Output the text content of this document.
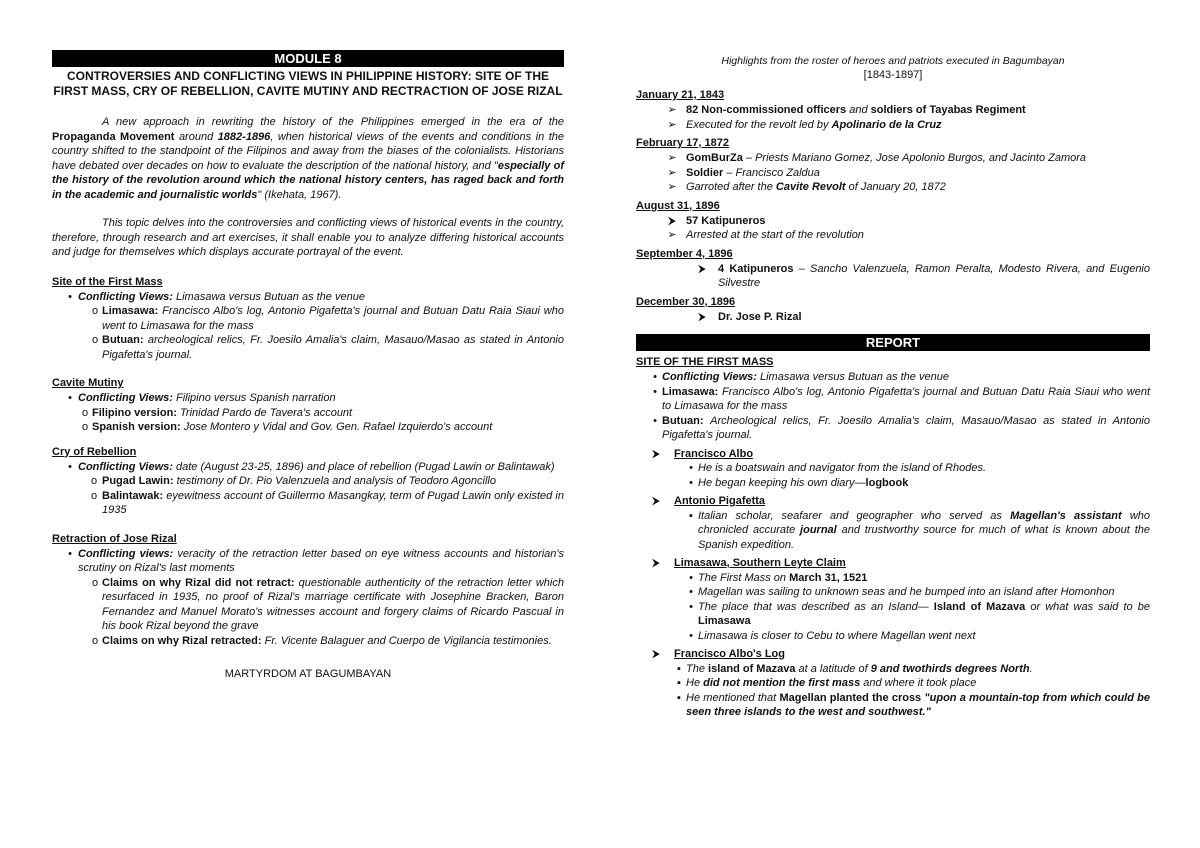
MODULE 8
CONTROVERSIES AND CONFLICTING VIEWS IN PHILIPPINE HISTORY: SITE OF THE FIRST MASS, CRY OF REBELLION, CAVITE MUTINY AND RECTRACTION OF JOSE RIZAL

A new approach in rewriting the history of the Philippines emerged in the era of the Propaganda Movement around 1882-1896, when historical views of the events and conditions in the country shifted to the standpoint of the Filipinos and away from the biases of the colonialists. Historians have debated over decades on how to evaluate the description of the national history, and "especially of the history of the revolution around which the national history centers, has raged back and forth in the academic and journalistic worlds" (Ikehata, 1967).

This topic delves into the controversies and conflicting views of historical events in the country, therefore, through research and art exercises, it shall enable you to analyze differing historical accounts and judge for themselves which displays accurate portrayal of the event.

Site of the First Mass
• Conflicting Views: Limasawa versus Butuan as the venue
o Limasawa: Francisco Albo's log, Antonio Pigafetta's journal and Butuan Datu Raia Siaui who went to Limasawa for the mass
o Butuan: archeological relics, Fr. Joesilo Amalia's claim, Masauo/Masao as stated in Antonio Pigafetta's journal.
Cavite Mutiny
• Conflicting Views: Filipino versus Spanish narration
o Filipino version: Trinidad Pardo de Tavera's account
o Spanish version: Jose Montero y Vidal and Gov. Gen. Rafael Izquierdo's account
Cry of Rebellion
• Conflicting Views: date (August 23-25, 1896) and place of rebellion (Pugad Lawin or Balintawak)
o Pugad Lawin: testimony of Dr. Pio Valenzuela and analysis of Teodoro Agoncillo
o Balintawak: eyewitness account of Guillermo Masangkay, term of Pugad Lawin only existed in 1935
Retraction of Jose Rizal
• Conflicting views: veracity of the retraction letter based on eye witness accounts and historian's scrutiny on Rizal's last moments
o Claims on why Rizal did not retract: questionable authenticity of the retraction letter which resurfaced in 1935, no proof of Rizal's marriage certificate with Josephine Bracken, Baron Fernandez and Manuel Morato's witnesses account and forgery claims of Ricardo Pascual in his book Rizal beyond the grave
o Claims on why Rizal retracted: Fr. Vicente Balaguer and Cuerpo de Vigilancia testimonies.
MARTYRDOM AT BAGUMBAYAN
Highlights from the roster of heroes and patriots executed in Bagumbayan
[1843-1897]
January 21, 1843
➢ 82 Non-commissioned officers and soldiers of Tayabas Regiment
➢ Executed for the revolt led by Apolinario de la Cruz
February 17, 1872
➢ GomBurZa – Priests Mariano Gomez, Jose Apolonio Burgos, and Jacinto Zamora
➢ Soldier – Francisco Zaldua
➢ Garroted after the Cavite Revolt of January 20, 1872
August 31, 1896
⮞ 57 Katipuneros
➢ Arrested at the start of the revolution
September 4, 1896
⮞	4 Katipuneros – Sancho Valenzuela, Ramon Peralta, Modesto Rivera, and Eugenio Silvestre
December 30, 1896
⮞	Dr. Jose P. Rizal
REPORT
SITE OF THE FIRST MASS
• Conflicting Views: Limasawa versus Butuan as the venue
• Limasawa: Francisco Albo's log, Antonio Pigafetta's journal and Butuan Datu Raia Siaui who went to Limasawa for the mass
• Butuan: Archeological relics, Fr. Joesilo Amalia's claim, Masauo/Masao as stated in Antonio Pigafetta's journal.
⮞	Francisco Albo
• He is a boatswain and navigator from the island of Rhodes.
• He began keeping his own diary—logbook
⮞	Antonio Pigafetta
▪ Italian scholar, seafarer and geographer who served as Magellan's assistant who chronicled accurate journal and trustworthy source for much of what is known about the Spanish expedition.
⮞	Limasawa, Southern Leyte Claim
• The First Mass on March 31, 1521
• Magellan was sailing to unknown seas and he bumped into an island after Homonhon
• The place that was described as an Island— Island of Mazava or what was said to be Limasawa
• Limasawa is closer to Cebu to where Magellan went next
⮞	Francisco Albo's Log
▪ The island of Mazava at a latitude of 9 and twothirds degrees North.
▪ He did not mention the first mass and where it took place
▪ He mentioned that Magellan planted the cross "upon a mountain-top from which could be seen three islands to the west and southwest."
